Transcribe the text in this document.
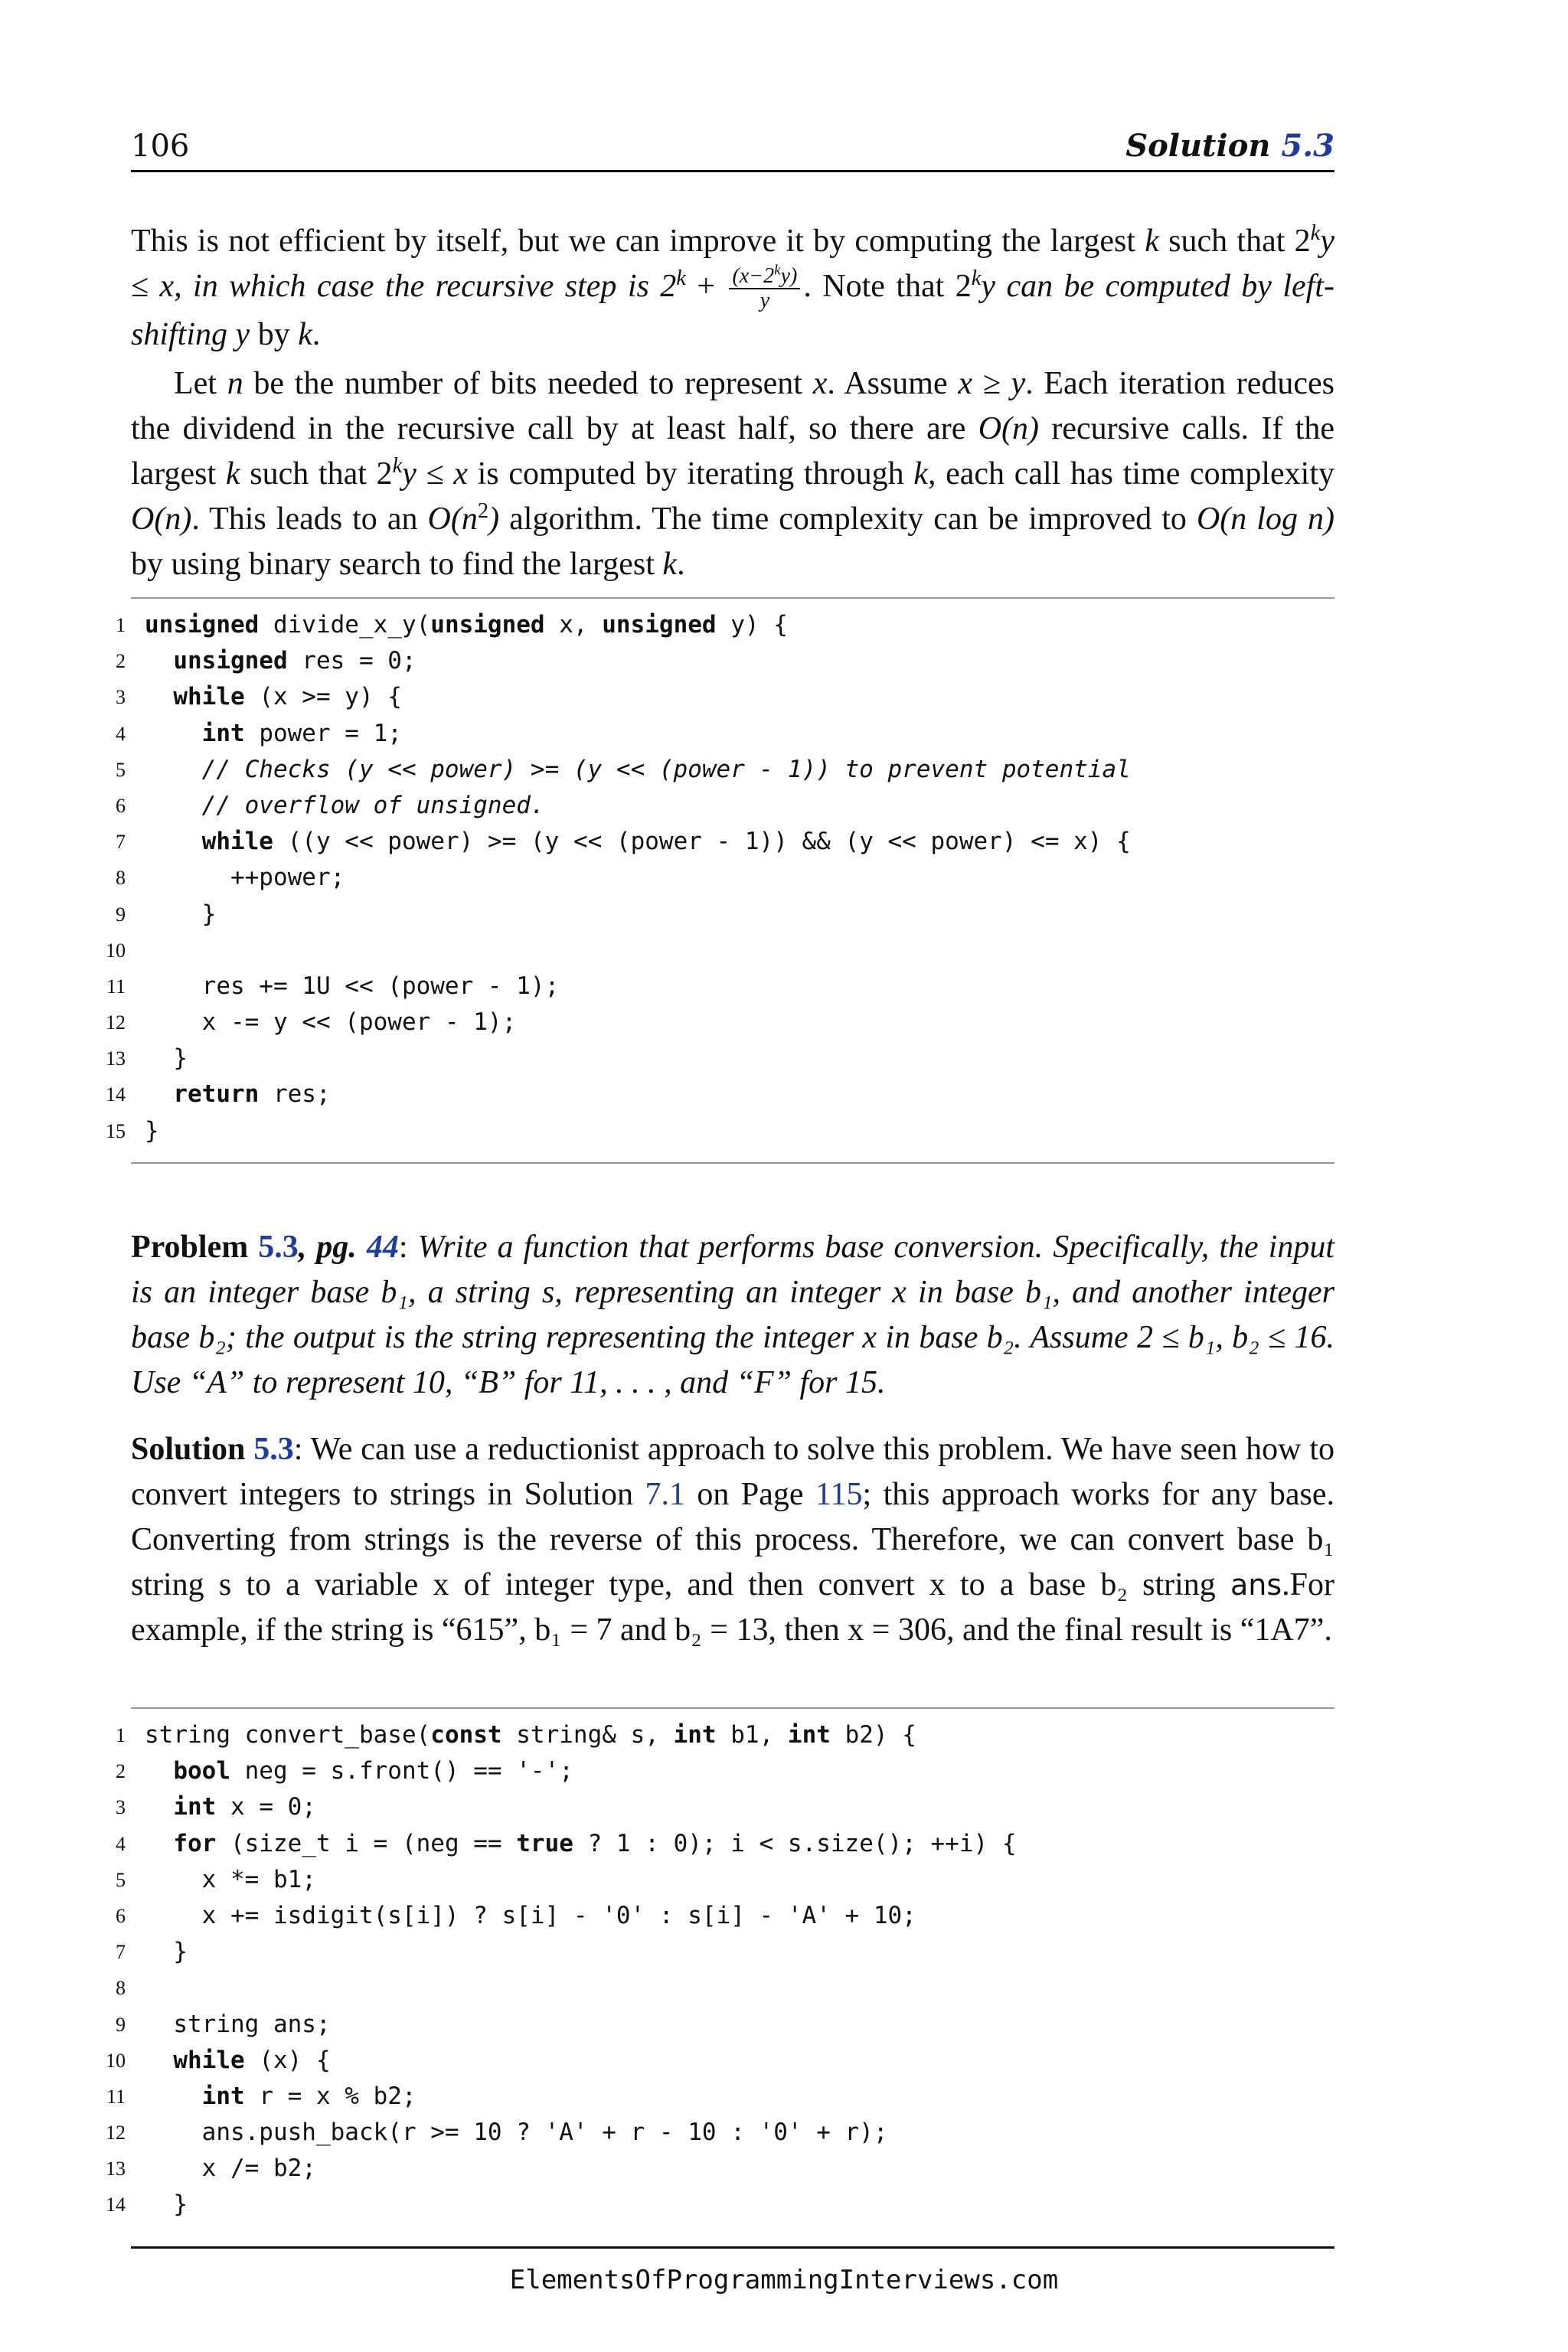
106	Solution 5.3
This is not efficient by itself, but we can improve it by computing the largest k such that $2^ky \le x$, in which case the recursive step is $2^k + \frac{(x-2^ky)}{y}$ . Note that 2$^k$y can be computed by left-shifting y by k.
Let n be the number of bits needed to represent x. Assume x ≥ y. Each iteration reduces the dividend in the recursive call by at least half, so there are O(n) recursive calls. If the largest k such that $2^ky \le x$ is computed by iterating through k, each call has time complexity O(n). This leads to an $O(n^2)$ algorithm. The time complexity can be improved to O(n log n) by using binary search to find the largest k.
1 unsigned divide_x_y(unsigned x, unsigned y) {
2	unsigned res = 0;
3	while (x >= y) {
4	int power = 1;
5	// Checks (y << power) >= (y << (power - 1)) to prevent potential
6	// overflow of unsigned.
7	while ((y << power) >= (y << (power - 1)) && (y << power) <= x) {
8 ++power;
9 }
10
11 res += 1U << (power - 1);
12 x -= y << (power - 1);
13 }
14	return res;
15 }
Problem 5.3, pg. 44: Write a function that performs base conversion. Specifically, the input is an integer base b₁, a string s, representing an integer x in base b₁, and another integer base b₂; the output is the string representing the integer x in base b₂. Assume 2 ≤ b₁, b₂ ≤ 16. Use “A” to represent 10, “B” for 11, . . . , and “F” for 15.
Solution 5.3: We can use a reductionist approach to solve this problem. We have seen how to convert integers to strings in Solution 7.1 on Page 115; this approach works for any base. Converting from strings is the reverse of this process. Therefore, we can convert base b₁ string s to a variable x of integer type, and then convert x to a base b₂ string ans.For example, if the string is “615”, b₁ = 7 and b₂ = 13, then x = 306, and the final result is “1A7”.
1 string convert_base(const string& s, int b1, int b2) {
2	bool neg = s.front() == '-';
3	int x = 0;
4	for (size_t i = (neg == true ? 1 : 0); i < s.size(); ++i) {
5 x *= b1;
6 x += isdigit(s[i]) ? s[i] - '0' : s[i] - 'A' + 10;
7 }
8
9 string ans;
10	while (x) {
11	int r = x % b2;
12 ans.push_back(r >= 10 ? 'A' + r - 10 : '0' + r);
13 x /= b2;
14 }
ElementsOfProgrammingInterviews.com
